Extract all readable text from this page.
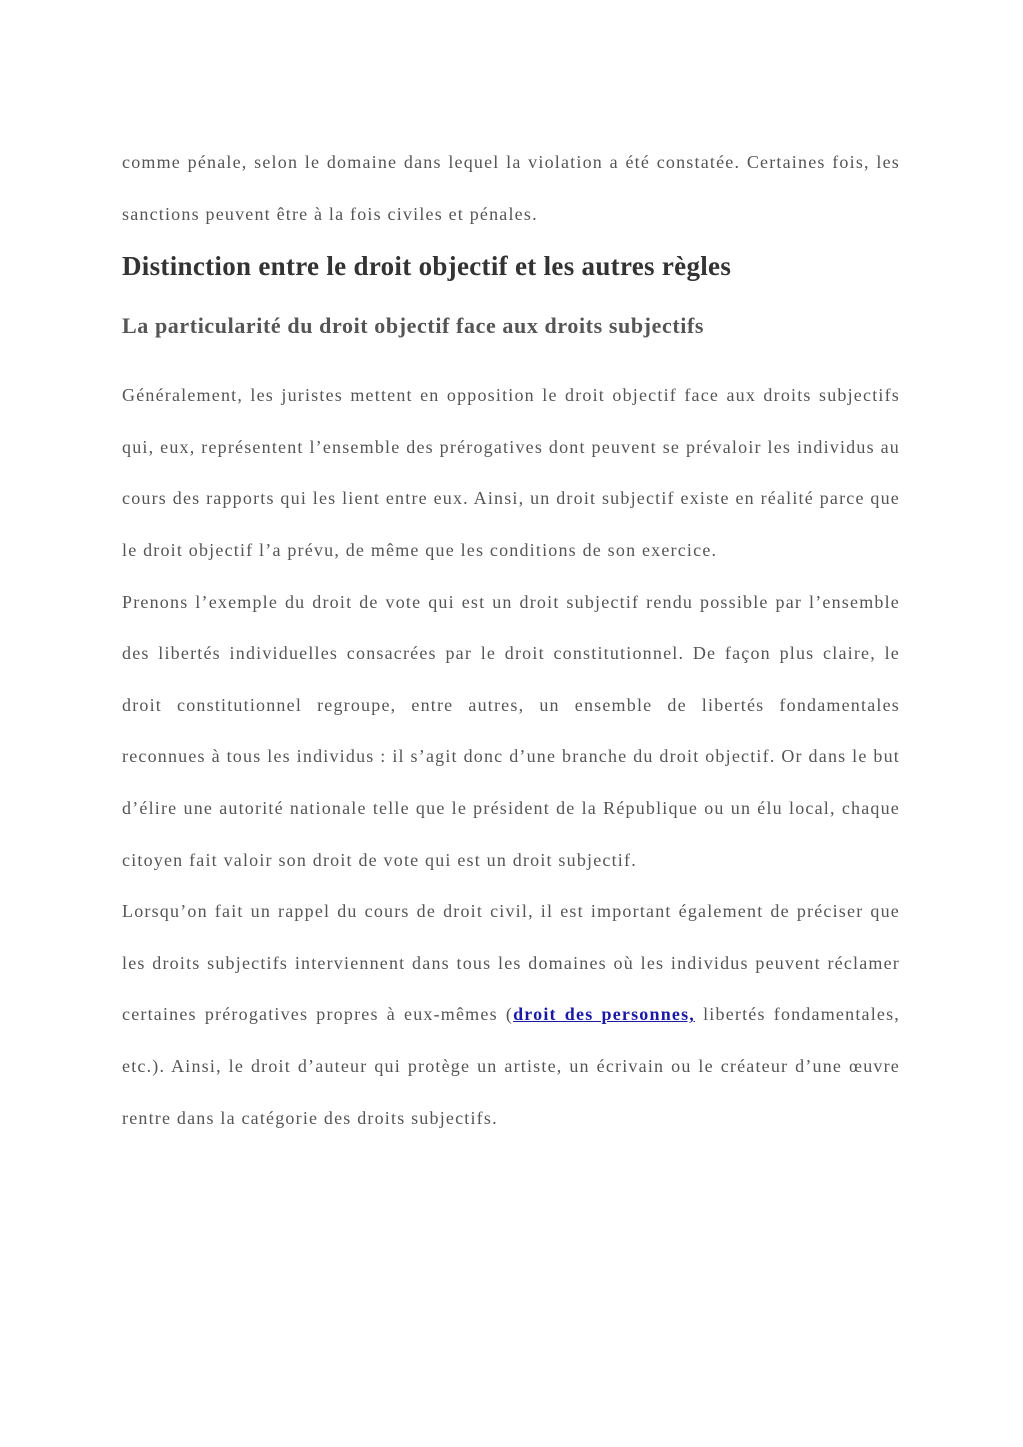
comme pénale, selon le domaine dans lequel la violation a été constatée. Certaines fois, les sanctions peuvent être à la fois civiles et pénales.

Distinction entre le droit objectif et les autres règles
La particularité du droit objectif face aux droits subjectifs

Généralement, les juristes mettent en opposition le droit objectif face aux droits subjectifs qui, eux, représentent l’ensemble des prérogatives dont peuvent se prévaloir les individus au cours des rapports qui les lient entre eux. Ainsi, un droit subjectif existe en réalité parce que le droit objectif l’a prévu, de même que les conditions de son exercice.

Prenons l’exemple du droit de vote qui est un droit subjectif rendu possible par l’ensemble des libertés individuelles consacrées par le droit constitutionnel. De façon plus claire, le droit constitutionnel regroupe, entre autres, un ensemble de libertés fondamentales reconnues à tous les individus : il s’agit donc d’une branche du droit objectif. Or dans le but d’élire une autorité nationale telle que le président de la République ou un élu local, chaque citoyen fait valoir son droit de vote qui est un droit subjectif.

Lorsqu’on fait un rappel du cours de droit civil, il est important également de préciser que les droits subjectifs interviennent dans tous les domaines où les individus peuvent réclamer certaines prérogatives propres à eux-mêmes (droit des personnes, libertés fondamentales, etc.). Ainsi, le droit d’auteur qui protège un artiste, un écrivain ou le créateur d’une œuvre rentre dans la catégorie des droits subjectifs.
